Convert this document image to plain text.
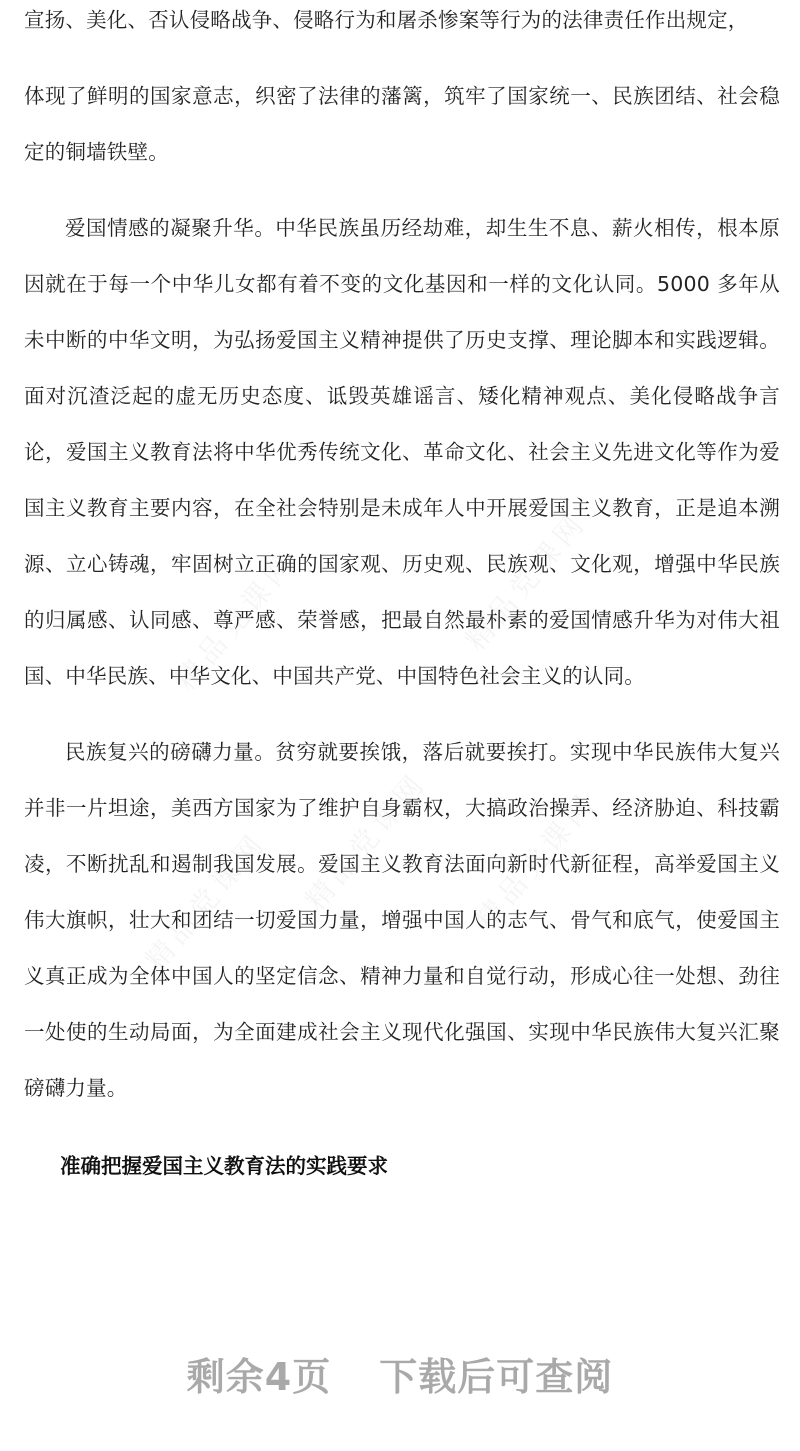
精品党课网	精品党课网
精品党课网
精品党课网	精品党课网

宣扬、美化、否认侵略战争、侵略行为和屠杀惨案等行为的法律责任作出规定，

体现了鲜明的国家意志，织密了法律的藩篱，筑牢了国家统一、民族团结、社会稳定的铜墙铁壁。

爱国情感的凝聚升华。中华民族虽历经劫难，却生生不息、薪火相传，根本原因就在于每一个中华儿女都有着不变的文化基因和一样的文化认同。5000 多年从未中断的中华文明，为弘扬爱国主义精神提供了历史支撑、理论脚本和实践逻辑。面对沉渣泛起的虚无历史态度、诋毁英雄谣言、矮化精神观点、美化侵略战争言论，爱国主义教育法将中华优秀传统文化、革命文化、社会主义先进文化等作为爱国主义教育主要内容，在全社会特别是未成年人中开展爱国主义教育，正是追本溯源、立心铸魂，牢固树立正确的国家观、历史观、民族观、文化观，增强中华民族的归属感、认同感、尊严感、荣誉感，把最自然最朴素的爱国情感升华为对伟大祖国、中华民族、中华文化、中国共产党、中国特色社会主义的认同。

民族复兴的磅礴力量。贫穷就要挨饿，落后就要挨打。实现中华民族伟大复兴并非一片坦途，美西方国家为了维护自身霸权，大搞政治操弄、经济胁迫、科技霸凌，不断扰乱和遏制我国发展。爱国主义教育法面向新时代新征程，高举爱国主义伟大旗帜，壮大和团结一切爱国力量，增强中国人的志气、骨气和底气，使爱国主义真正成为全体中国人的坚定信念、精神力量和自觉行动，形成心往一处想、劲往一处使的生动局面，为全面建成社会主义现代化强国、实现中华民族伟大复兴汇聚磅礴力量。

准确把握爱国主义教育法的实践要求

剩余4页 下载后可查阅
